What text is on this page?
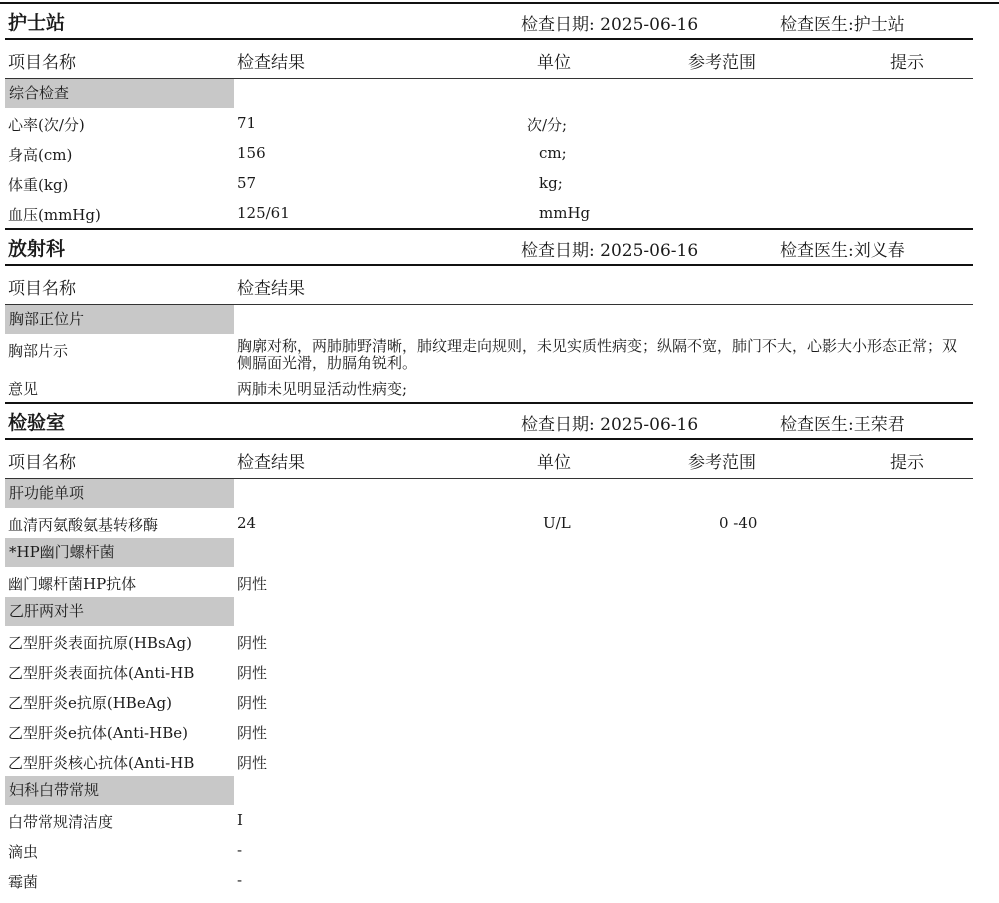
护士站	检查日期: 2025-06-16	检查医生:护士站
项目名称	检查结果	单位	参考范围	提示
综合检查
心率(次/分)	71	次/分;
身高(cm)	156	cm;
体重(kg)	57	kg;
血压(mmHg)	125/61	mmHg
放射科	检查日期: 2025-06-16	检查医生:刘义春
项目名称	检查结果
胸部正位片
胸部片示	胸廓对称，两肺肺野清晰，肺纹理走向规则，未见实质性病变；纵隔不宽，肺门不大，心影大小形态正常；双侧膈面光滑，肋膈角锐利。
意见	两肺未见明显活动性病变;
检验室	检查日期: 2025-06-16	检查医生:王荣君
项目名称	检查结果	单位	参考范围	提示
肝功能单项
血清丙氨酸氨基转移酶	24	U/L	0 -40
*HP幽门螺杆菌
幽门螺杆菌HP抗体	阴性
乙肝两对半
乙型肝炎表面抗原(HBsAg)	阴性
乙型肝炎表面抗体(Anti-HB	阴性
乙型肝炎e抗原(HBeAg)	阴性
乙型肝炎e抗体(Anti-HBe)	阴性
乙型肝炎核心抗体(Anti-HB	阴性
妇科白带常规
白带常规清洁度	I
滴虫	-
霉菌	-
